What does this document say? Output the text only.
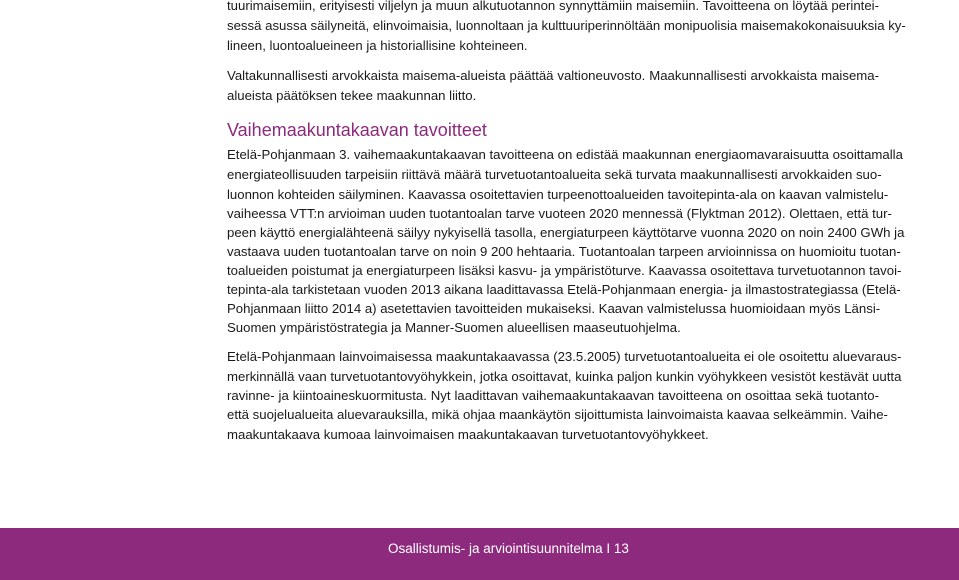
tuurimaisemiin, erityisesti viljelyn ja muun alkutuotannon synnyttämiin maisemiin. Tavoitteena on löytää perintei-
sessä asussa säilyneitä, elinvoimaisia, luonnoltaan ja kulttuuriperinnöltään monipuolisia maisemakokonaisuuksia ky-
lineen, luontoalueineen ja historiallisine kohteineen.
Valtakunnallisesti arvokkaista maisema-alueista päättää valtioneuvosto. Maakunnallisesti arvokkaista maisema-
alueista päätöksen tekee maakunnan liitto.
Vaihemaakuntakaavan tavoitteet
Etelä-Pohjanmaan 3. vaihemaakuntakaavan tavoitteena on edistää maakunnan energiaomavaraisuutta osoittamalla
energiateollisuuden tarpeisiin riittävä määrä turvetuotantoalueita sekä turvata maakunnallisesti arvokkaiden suo-
luonnon kohteiden säilyminen. Kaavassa osoitettavien turpeenottoalueiden tavoitepinta-ala on kaavan valmistelu-
vaiheessa VTT:n arvioiman uuden tuotantoalan tarve vuoteen 2020 mennessä (Flyktman 2012). Olettaen, että tur-
peen käyttö energialähteenä säilyy nykyisellä tasolla, energiaturpeen käyttötarve vuonna 2020 on noin 2400 GWh ja
vastaava uuden tuotantoalan tarve on noin 9 200 hehtaaria. Tuotantoalan tarpeen arvioinnissa on huomioitu tuotan-
toalueiden poistumat ja energiaturpeen lisäksi kasvu- ja ympäristöturve. Kaavassa osoitettava turvetuotannon tavoi-
tepinta-ala tarkistetaan vuoden 2013 aikana laadittavassa Etelä-Pohjanmaan energia- ja ilmastostrategiassa (Etelä-
Pohjanmaan liitto 2014 a) asetettavien tavoitteiden mukaiseksi. Kaavan valmistelussa huomioidaan myös Länsi-
Suomen ympäristöstrategia ja Manner-Suomen alueellisen maaseutuohjelma.
Etelä-Pohjanmaan lainvoimaisessa maakuntakaavassa (23.5.2005) turvetuotantoalueita ei ole osoitettu aluevaraus-
merkinnällä vaan turvetuotantovyöhykkein, jotka osoittavat, kuinka paljon kunkin vyöhykkeen vesistöt kestävät uutta
ravinne- ja kiintoaineskuormitusta. Nyt laadittavan vaihemaakuntakaavan tavoitteena on osoittaa sekä tuotanto-
että suojelualueita aluevarauksilla, mikä ohjaa maankäytön sijoittumista lainvoimaista kaavaa selkeämmin. Vaihe-
maakuntakaava kumoaa lainvoimaisen maakuntakaavan turvetuotantovyöhykkeet.
Osallistumis- ja arviointisuunnitelma I 13
